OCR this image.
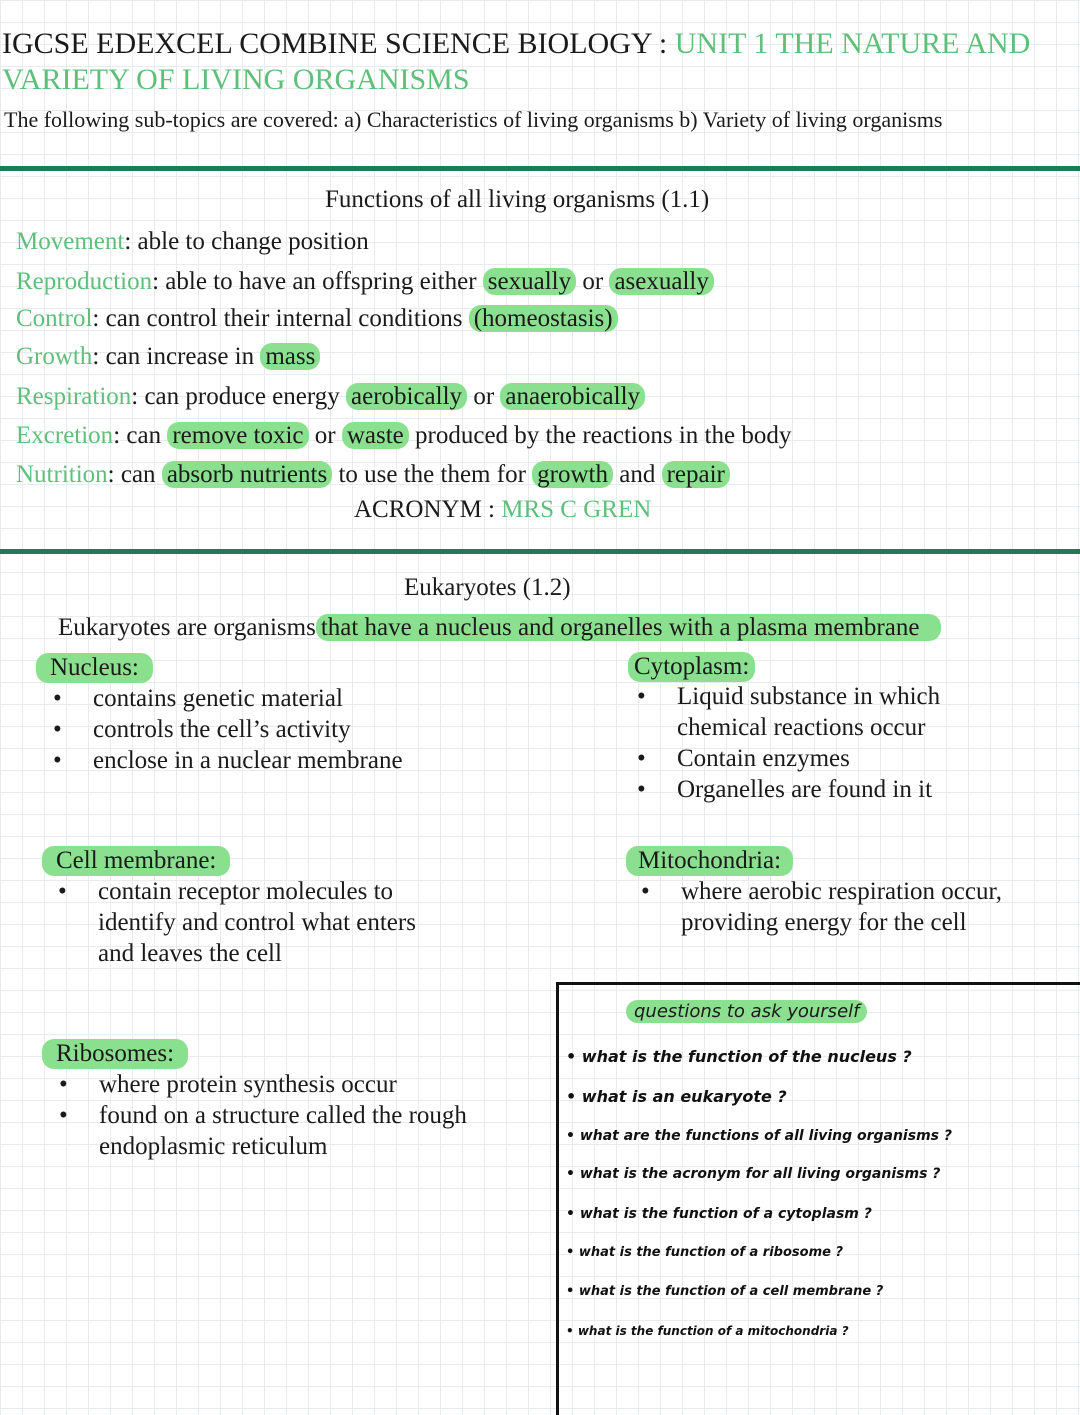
IGCSE EDEXCEL COMBINE SCIENCE BIOLOGY : UNIT 1 THE NATURE AND
VARIETY OF LIVING ORGANISMS
The following sub-topics are covered: a) Characteristics of living organisms b) Variety of living organisms
Functions of all living organisms (1.1)
Movement: able to change position
Reproduction: able to have an offspring either sexually or asexually
Control: can control their internal conditions (homeostasis)
Growth: can increase in mass
Respiration: can produce energy aerobically or anaerobically
Excretion: can remove toxic or waste produced by the reactions in the body
Nutrition: can absorb nutrients to use the them for growth and repair
ACRONYM : MRS C GREN
Eukaryotes (1.2)
Eukaryotes are organisms that have a nucleus and organelles with a plasma membrane
Nucleus:
• contains genetic material
• controls the cell’s activity
• enclose in a nuclear membrane
Cytoplasm:
• Liquid substance in which
chemical reactions occur
• Contain enzymes
• Organelles are found in it
Cell membrane:
• contain receptor molecules to
identify and control what enters
and leaves the cell
Mitochondria:
• where aerobic respiration occur,
providing energy for the cell
Ribosomes:
• where protein synthesis occur
• found on a structure called the rough
endoplasmic reticulum
questions to ask yourself
• what is the function of the nucleus ?
• what is an eukaryote ?
• what are the functions of all living organisms ?
• what is the acronym for all living organisms ?
• what is the function of a cytoplasm ?
• what is the function of a ribosome ?
• what is the function of a cell membrane ?
• what is the function of a mitochondria ?
